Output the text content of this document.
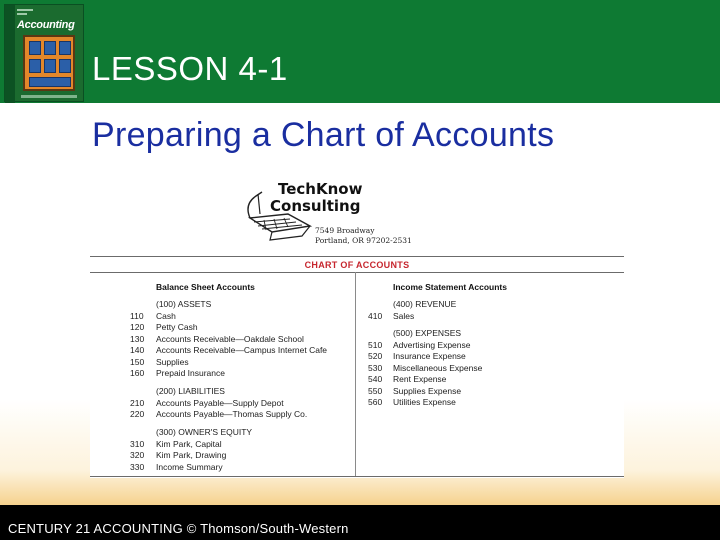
Accounting
LESSON 4-1
Preparing a Chart of Accounts
TechKnow
Consulting
7549 Broadway
Portland, OR 97202-2531
CHART OF ACCOUNTS
Balance Sheet Accounts	Income Statement Accounts
(100) ASSETS
110 Cash
120 Petty Cash
130 Accounts Receivable—Oakdale School
140 Accounts Receivable—Campus Internet Cafe
150 Supplies
160 Prepaid Insurance
(200) LIABILITIES
210 Accounts Payable—Supply Depot
220 Accounts Payable—Thomas Supply Co.
(300) OWNER'S EQUITY
310 Kim Park, Capital
320 Kim Park, Drawing
330 Income Summary
(400) REVENUE
410 Sales
(500) EXPENSES
510 Advertising Expense
520 Insurance Expense
530 Miscellaneous Expense
540 Rent Expense
550 Supplies Expense
560 Utilities Expense
CENTURY 21 ACCOUNTING © Thomson/South-Western
